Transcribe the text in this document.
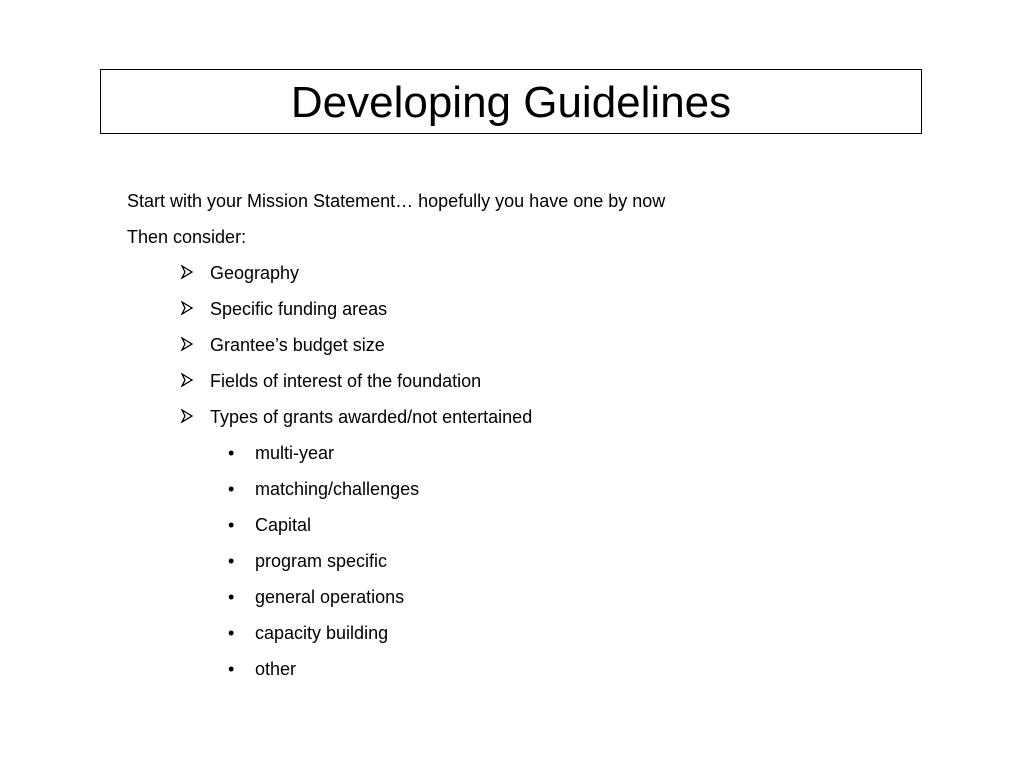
Developing Guidelines
Start with your Mission Statement… hopefully you have one by now
Then consider:
Geography
Specific funding areas
Grantee’s budget size
Fields of interest of the foundation
Types of grants awarded/not entertained
• multi-year
• matching/challenges
• Capital
• program specific
• general operations
• capacity building
• other
